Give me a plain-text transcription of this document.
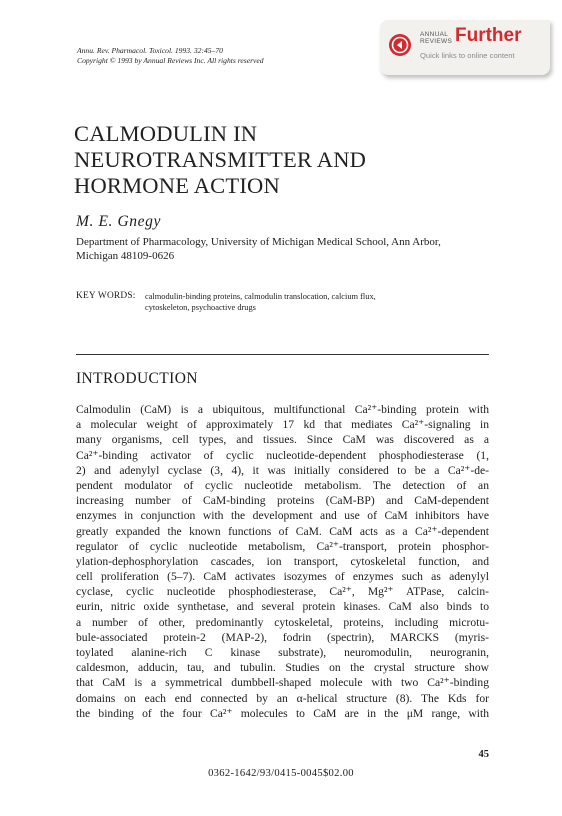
Annu. Rev. Pharmacol. Toxicol. 1993. 32:45–70
Copyright © 1993 by Annual Reviews Inc. All rights reserved
ANNUAL
REVIEWS Further
Quick links to online content
CALMODULIN IN
NEUROTRANSMITTER AND
HORMONE ACTION
M. E. Gnegy
Department of Pharmacology, University of Michigan Medical School, Ann Arbor,
Michigan 48109-0626
KEY WORDS: calmodulin-binding proteins, calmodulin translocation, calcium flux,
cytoskeleton, psychoactive drugs
INTRODUCTION
Calmodulin (CaM) is a ubiquitous, multifunctional Ca²⁺-binding protein with
a molecular weight of approximately 17 kd that mediates Ca²⁺-signaling in
many organisms, cell types, and tissues. Since CaM was discovered as a
Ca²⁺-binding activator of cyclic nucleotide-dependent phosphodiesterase (1,
2) and adenylyl cyclase (3, 4), it was initially considered to be a Ca²⁺-de-
pendent modulator of cyclic nucleotide metabolism. The detection of an
increasing number of CaM-binding proteins (CaM-BP) and CaM-dependent
enzymes in conjunction with the development and use of CaM inhibitors have
greatly expanded the known functions of CaM. CaM acts as a Ca²⁺-dependent
regulator of cyclic nucleotide metabolism, Ca²⁺-transport, protein phosphor-
ylation-dephosphorylation cascades, ion transport, cytoskeletal function, and
cell proliferation (5–7). CaM activates isozymes of enzymes such as adenylyl
cyclase, cyclic nucleotide phosphodiesterase, Ca²⁺, Mg²⁺ ATPase, calcin-
eurin, nitric oxide synthetase, and several protein kinases. CaM also binds to
a number of other, predominantly cytoskeletal, proteins, including microtu-
bule-associated protein-2 (MAP-2), fodrin (spectrin), MARCKS (myris-
toylated alanine-rich C kinase substrate), neuromodulin, neurogranin,
caldesmon, adducin, tau, and tubulin. Studies on the crystal structure show
that CaM is a symmetrical dumbbell-shaped molecule with two Ca²⁺-binding
domains on each end connected by an α-helical structure (8). The Kds for
the binding of the four Ca²⁺ molecules to CaM are in the μM range, with
45
0362-1642/93/0415-0045$02.00
